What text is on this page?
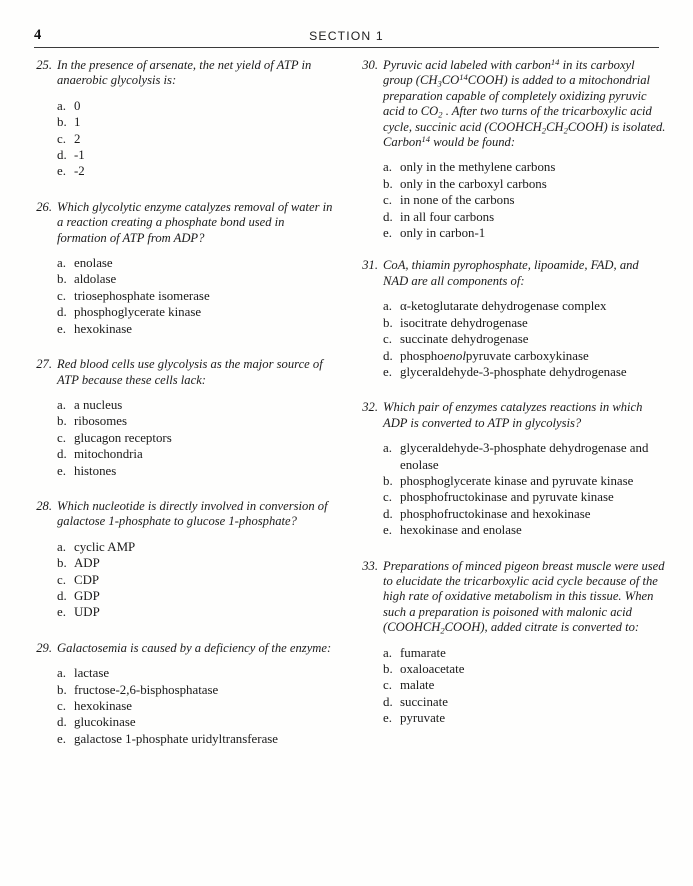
4	SECTION 1
25. In the presence of arsenate, the net yield of ATP in anaerobic glycolysis is:

a. 0
b. 1
c. 2
d. -1
e. -2
26. Which glycolytic enzyme catalyzes removal of water in a reaction creating a phosphate bond used in formation of ATP from ADP?

a. enolase
b. aldolase
c. triosephosphate isomerase
d. phosphoglycerate kinase
e. hexokinase
27. Red blood cells use glycolysis as the major source of ATP because these cells lack:

a. a nucleus
b. ribosomes
c. glucagon receptors
d. mitochondria
e. histones
28. Which nucleotide is directly involved in conversion of galactose 1-phosphate to glucose 1-phosphate?

a. cyclic AMP
b. ADP
c. CDP
d. GDP
e. UDP
29. Galactosemia is caused by a deficiency of the enzyme:

a. lactase
b. fructose-2,6-bisphosphatase
c. hexokinase
d. glucokinase
e. galactose 1-phosphate uridyltransferase
30. Pyruvic acid labeled with carbon$^{14}$ in its carboxyl group $(CH_3CO^{14}COOH)$ is added to a mitochondrial preparation capable of completely oxidizing pyruvic acid to $CO_2$ . After two turns of the tricarboxylic acid cycle, succinic acid $(COOHCH_2CH_2COOH)$ is isolated. Carbon$^{14}$ would be found:

a. only in the methylene carbons
b. only in the carboxyl carbons
c. in none of the carbons
d. in all four carbons
e. only in carbon-1
31. CoA, thiamin pyrophosphate, lipoamide, FAD, and NAD are all components of:

a. α-ketoglutarate dehydrogenase complex
b. isocitrate dehydrogenase
c. succinate dehydrogenase
d. phosphoenolpyruvate carboxykinase
e. glyceraldehyde-3-phosphate dehydrogenase
32. Which pair of enzymes catalyzes reactions in which ADP is converted to ATP in glycolysis?

a. glyceraldehyde-3-phosphate dehydrogenase and enolase
b. phosphoglycerate kinase and pyruvate kinase
c. phosphofructokinase and pyruvate kinase
d. phosphofructokinase and hexokinase
e. hexokinase and enolase
33. Preparations of minced pigeon breast muscle were used to elucidate the tricarboxylic acid cycle because of the high rate of oxidative metabolism in this tissue. When such a preparation is poisoned with malonic acid $(COOHCH_2COOH)$, added citrate is converted to:

a. fumarate
b. oxaloacetate
c. malate
d. succinate
e. pyruvate
